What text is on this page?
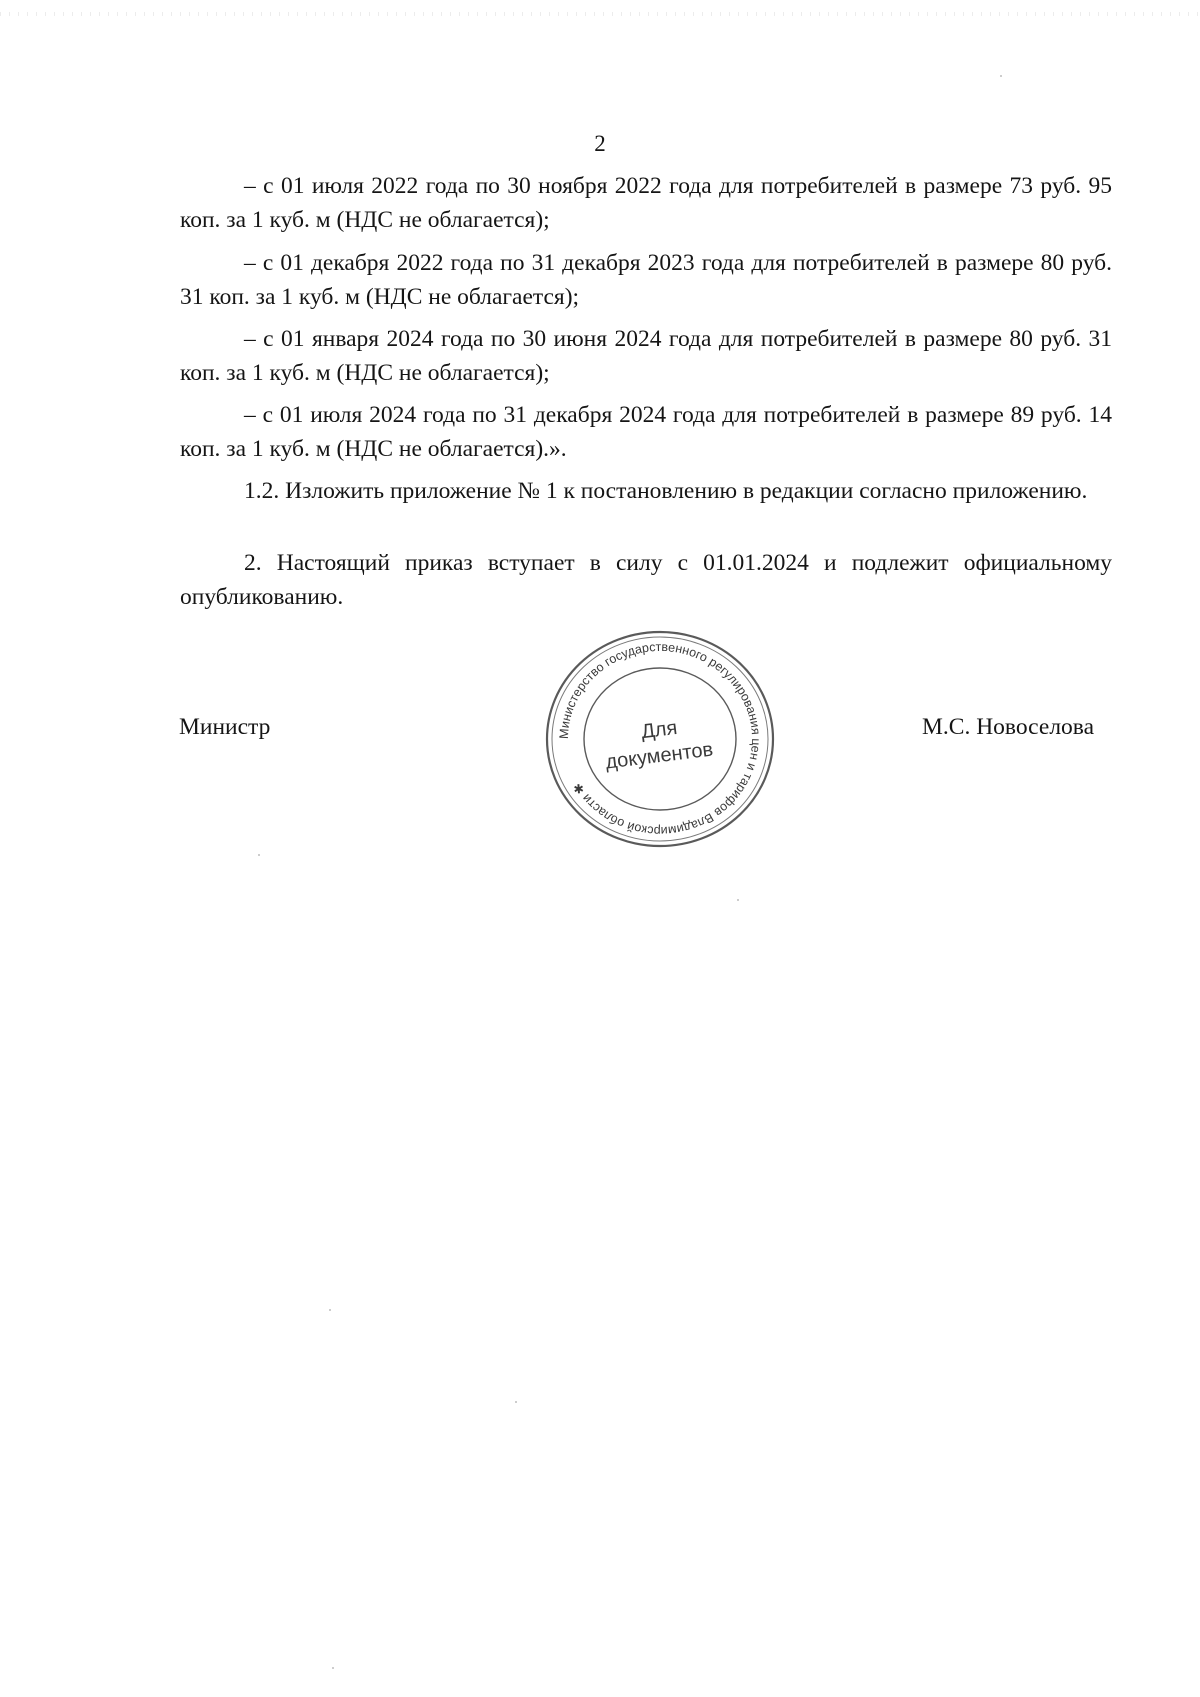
2
– с 01 июля 2022 года по 30 ноября 2022 года для потребителей в размере 73 руб. 95 коп. за 1 куб. м (НДС не облагается);
– с 01 декабря 2022 года по 31 декабря 2023 года для потребителей в размере 80 руб. 31 коп. за 1 куб. м (НДС не облагается);
– с 01 января 2024 года по 30 июня 2024 года для потребителей в размере 80 руб. 31 коп. за 1 куб. м (НДС не облагается);
– с 01 июля 2024 года по 31 декабря 2024 года для потребителей в размере 89 руб. 14 коп. за 1 куб. м (НДС не облагается).».
1.2. Изложить приложение № 1 к постановлению в редакции согласно приложению.
2. Настоящий приказ вступает в силу с 01.01.2024 и подлежит официальному опубликованию.
Министр	Министерство государственного регулирования цен и тарифов Владимирской области ✱
Для
документов
М.С. Новоселова
